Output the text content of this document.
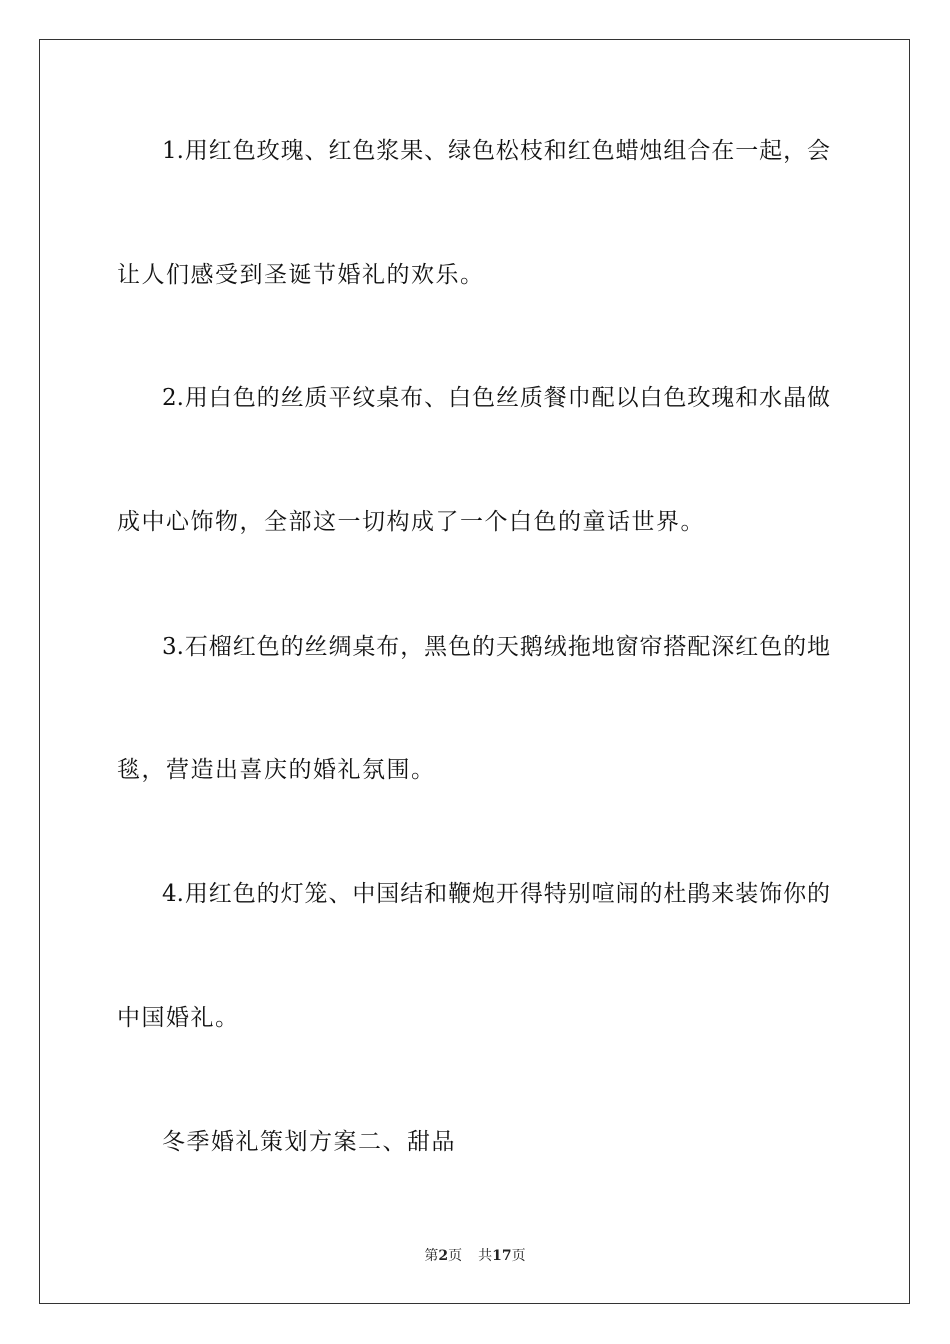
1.用红色玫瑰、红色浆果、绿色松枝和红色蜡烛组合在一起，会
让人们感受到圣诞节婚礼的欢乐。
2.用白色的丝质平纹桌布、白色丝质餐巾配以白色玫瑰和水晶做
成中心饰物，全部这一切构成了一个白色的童话世界。
3.石榴红色的丝绸桌布，黑色的天鹅绒拖地窗帘搭配深红色的地
毯，营造出喜庆的婚礼氛围。
4.用红色的灯笼、中国结和鞭炮开得特别喧闹的杜鹃来装饰你的
中国婚礼。
冬季婚礼策划方案二、甜品
第2页 共17页
